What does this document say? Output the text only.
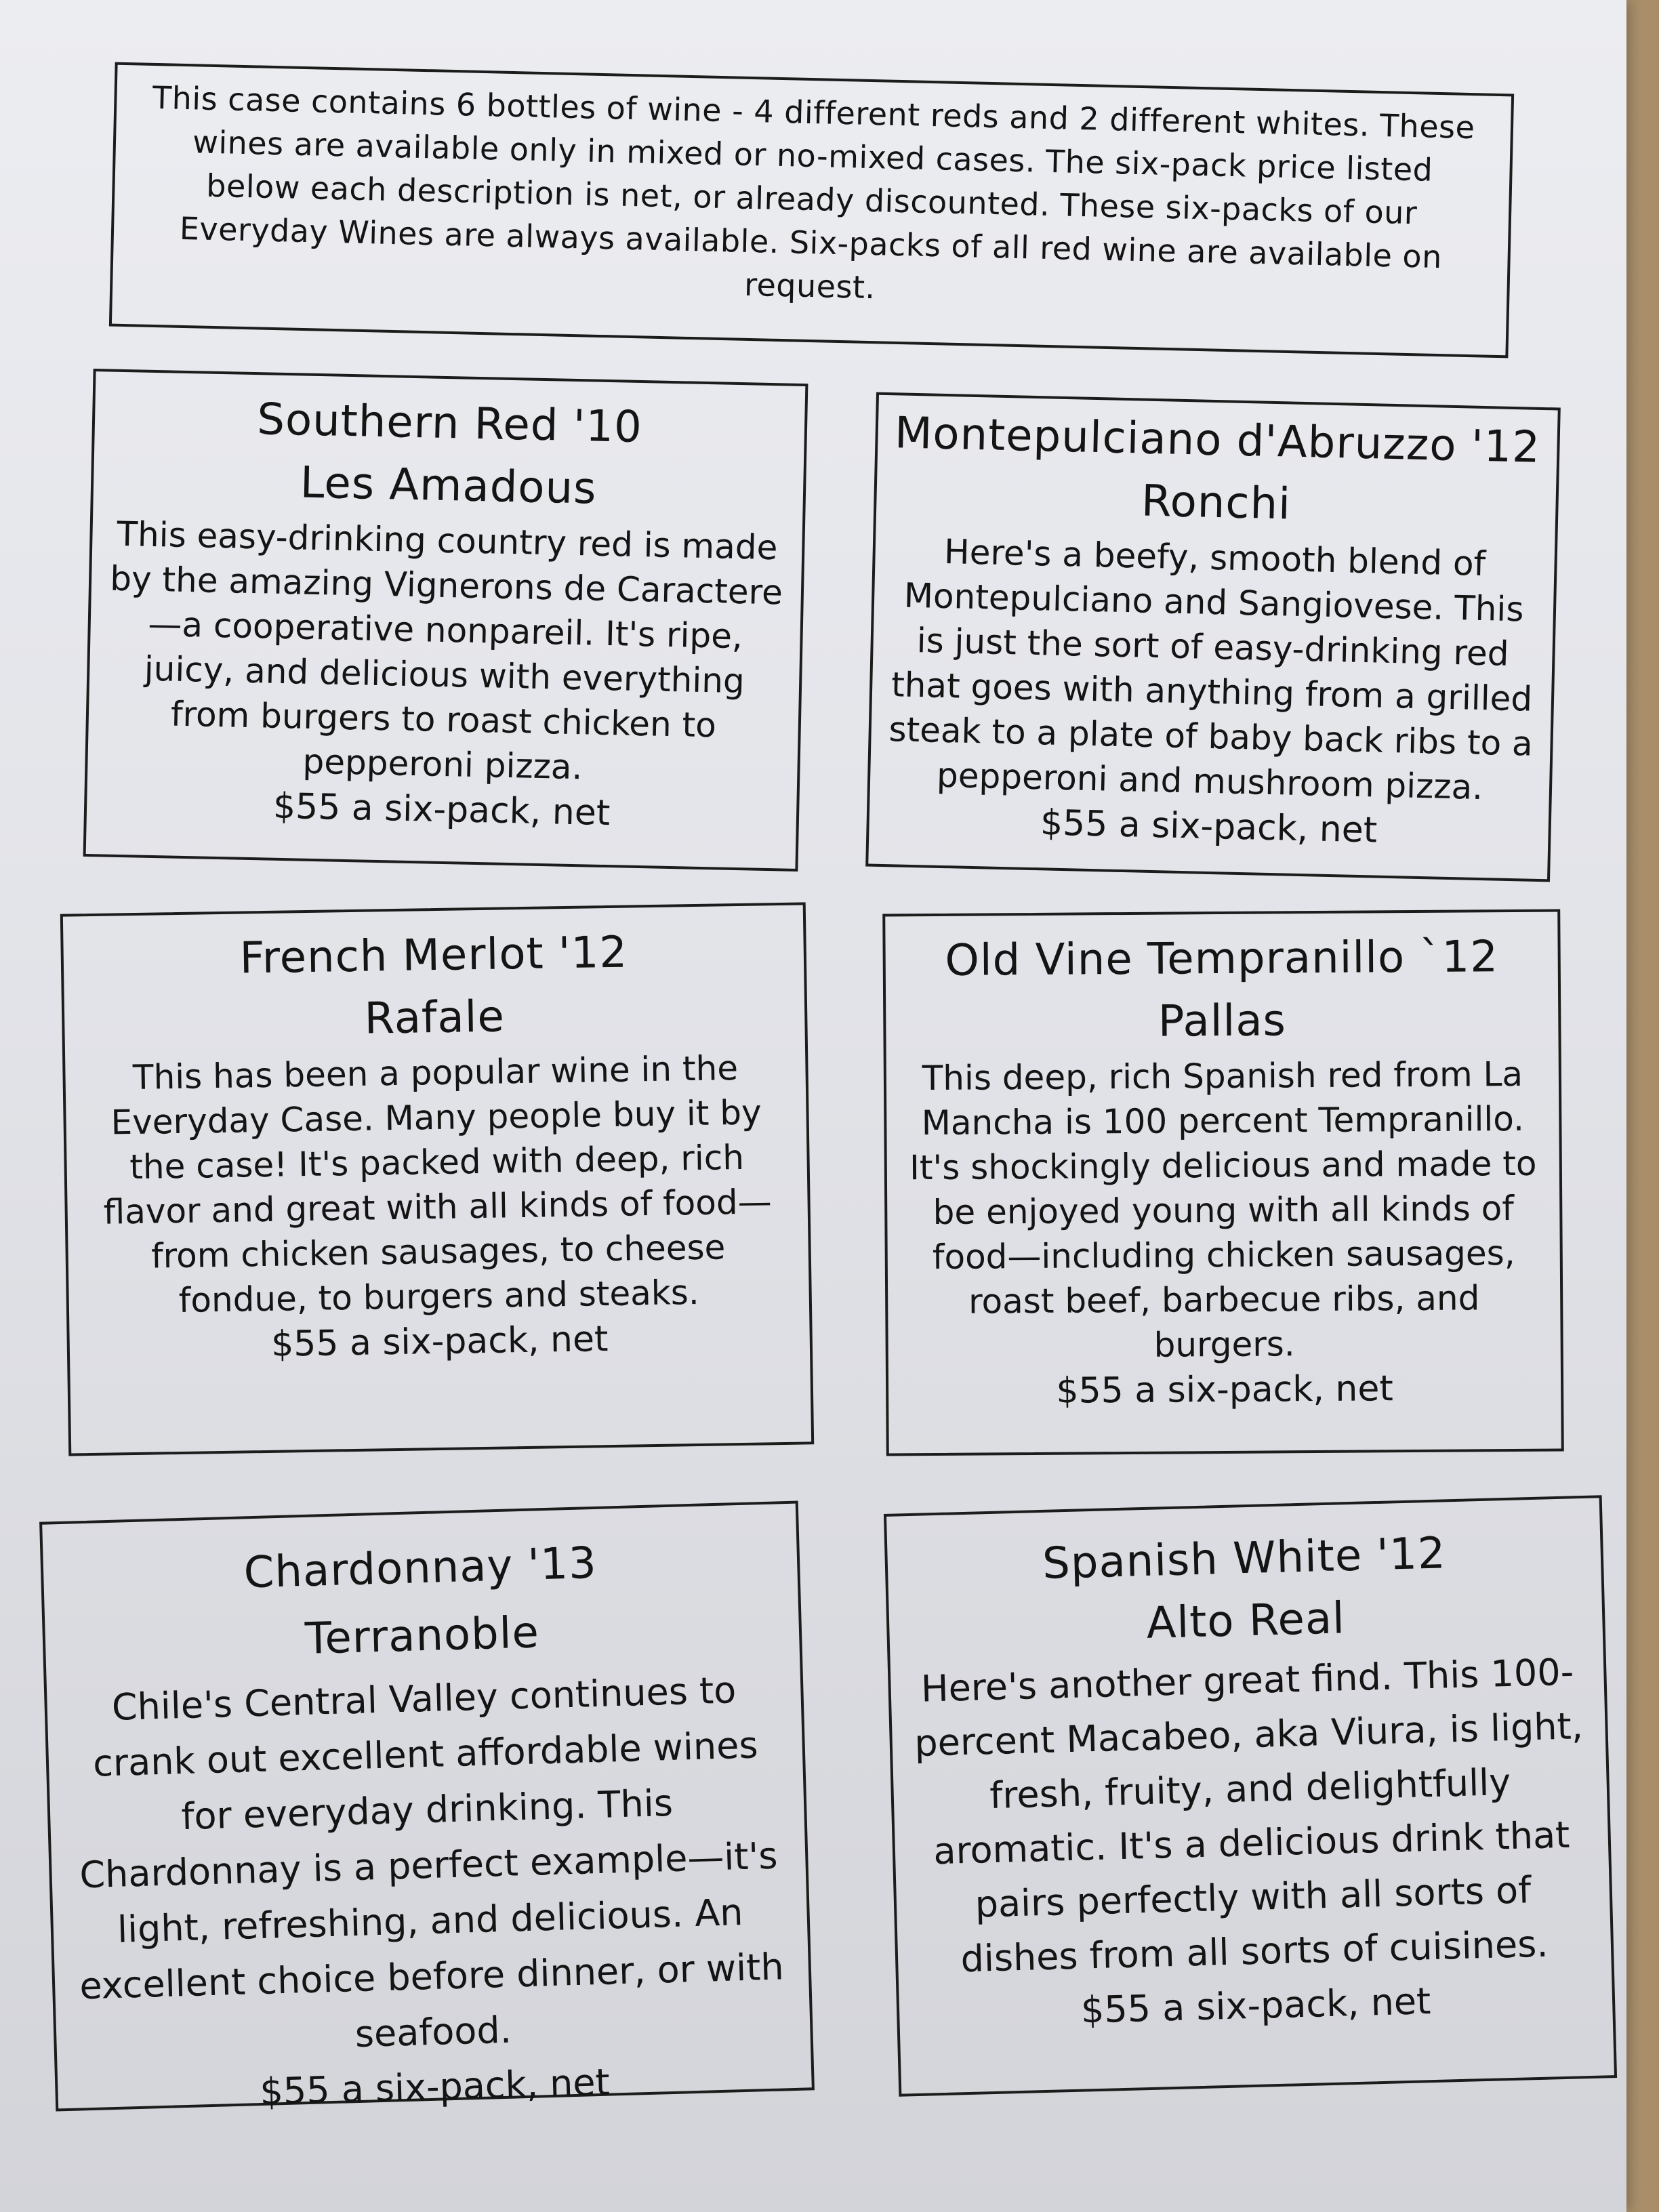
This case contains 6 bottles of wine - 4 different reds and 2 different whites. These wines are available only in mixed or no-mixed cases. The six-pack price listed below each description is net, or already discounted. These six-packs of our Everyday Wines are always available. Six-packs of all red wine are available on request.
Southern Red '10
Les Amadous
This easy-drinking country red is made by the amazing Vignerons de Caractere—a cooperative nonpareil. It's ripe, juicy, and delicious with everything from burgers to roast chicken to pepperoni pizza.
$55 a six-pack, net
Montepulciano d'Abruzzo '12
Ronchi
Here's a beefy, smooth blend of Montepulciano and Sangiovese. This is just the sort of easy-drinking red that goes with anything from a grilled steak to a plate of baby back ribs to a pepperoni and mushroom pizza.
$55 a six-pack, net
French Merlot '12
Rafale
This has been a popular wine in the Everyday Case. Many people buy it by the case! It's packed with deep, rich flavor and great with all kinds of food—from chicken sausages, to cheese fondue, to burgers and steaks.
$55 a six-pack, net
Old Vine Tempranillo `12
Pallas
This deep, rich Spanish red from La Mancha is 100 percent Tempranillo. It's shockingly delicious and made to be enjoyed young with all kinds of food—including chicken sausages, roast beef, barbecue ribs, and burgers.
$55 a six-pack, net
Chardonnay '13
Terranoble
Chile's Central Valley continues to crank out excellent affordable wines for everyday drinking. This Chardonnay is a perfect example—it's light, refreshing, and delicious. An excellent choice before dinner, or with seafood.
$55 a six-pack, net
Spanish White '12
Alto Real
Here's another great find. This 100-percent Macabeo, aka Viura, is light, fresh, fruity, and delightfully aromatic. It's a delicious drink that pairs perfectly with all sorts of dishes from all sorts of cuisines.
$55 a six-pack, net
